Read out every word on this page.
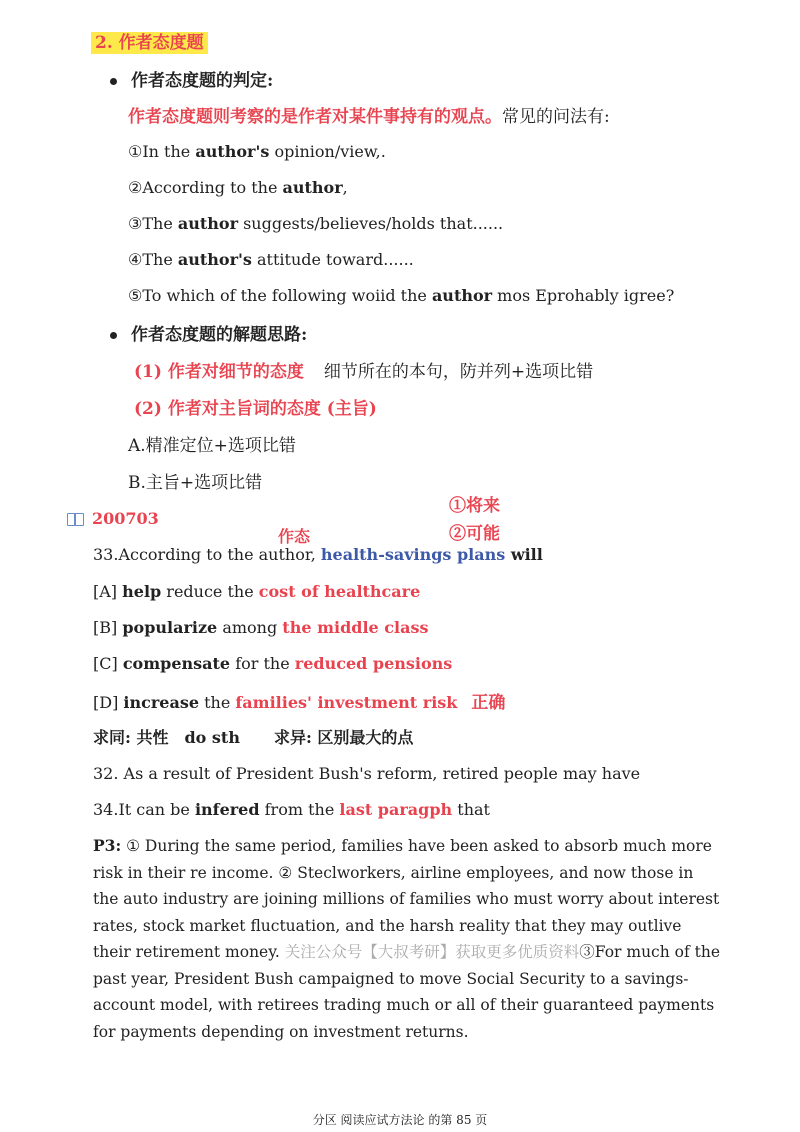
2. 作者态度题
作者态度题的判定:
作者态度题则考察的是作者对某件事持有的观点。常见的问法有:
①In the author's opinion/view,.
②According to the author,
③The author suggests/believes/holds that......
④The author's attitude toward......
⑤To which of the following woiid the author mos Eprohably igree?
作者态度题的解题思路:
(1) 作者对细节的态度 细节所在的本句，防并列+选项比错
(2) 作者对主旨词的态度 (主旨)
A.精准定位+选项比错
B.主旨+选项比错
200703
作态
①将来
②可能
33.According to the author, health-savings plans will
[A] help reduce the cost of healthcare
[B] popularize among the middle class
[C] compensate for the reduced pensions
[D] increase the families' investment risk 正确
求同: 共性 do sth 求异: 区别最大的点
32. As a result of President Bush's reform, retired people may have
34.It can be infered from the last paragph that
P3: ① During the same period, families have been asked to absorb much more risk in their re income. ② Steclworkers, airline employees, and now those in the auto industry are joining millions of families who must worry about interest rates, stock market fluctuation, and the harsh reality that they may outlive their retirement money. 关注公众号【大叔考研】获取更多优质资料③For much of the past year, President Bush campaigned to move Social Security to a savings-account model, with retirees trading much or all of their guaranteed payments for payments depending on investment returns.
分区 阅读应试方法论 的第 85 页
